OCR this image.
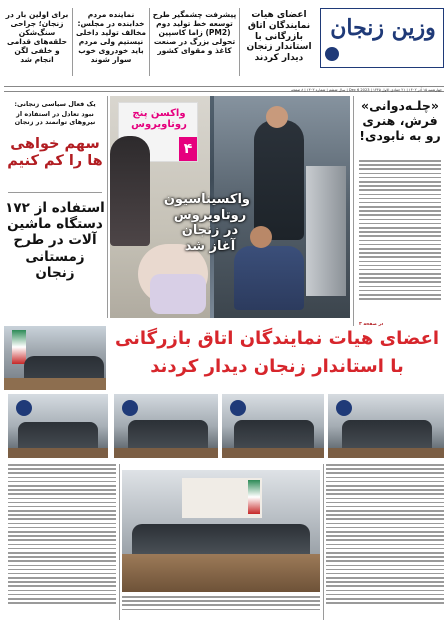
وزین زنجان
اعضای هیات نمایندگان اتاق بازرگانی با استاندار زنجان دیدار کردند
پیشرفت چشمگیر طرح توسعه خط تولید دوم (PM2) زاما کاسپین تحولی بزرگ در صنعت کاغذ و مقوای کشور
نماینده مردم خدابنده در مجلس: مخالف تولید داخلی نیستیم ولی مردم باید خودروی خوب سوار شوند
برای اولین بار در زنجان؛ جراحی سنگ‌شکن حلقه‌های قدامی و خلفی لگن انجام شد
چهارشنبه ۱۵ آذر ۱۴۰۲ | ۲۱ جمادی الاول ۱۴۴۵ | Dec 6 2023 | سال ششم | شماره ۱۳۰۳ | ۸ صفحه
«چلـه‌دوانی» فرش، هنری رو به نابودی!
در صفحه ۳
واکسن پنج روتاویروس
۴
واکسیناسیون روتاویروس در زنجان آغاز شد
یک فعال سیاسی زنجانی:
نبود تعادل در استفاده از نیروهای توانمند در زنجان
سهم خواهی ها را کم کنیم
استفاده از ۱۷۲ دستگاه ماشین آلات در طرح زمستانی زنجان
اعضای هیات نمایندگان اتاق بازرگانی
با استاندار زنجان دیدار کردند
